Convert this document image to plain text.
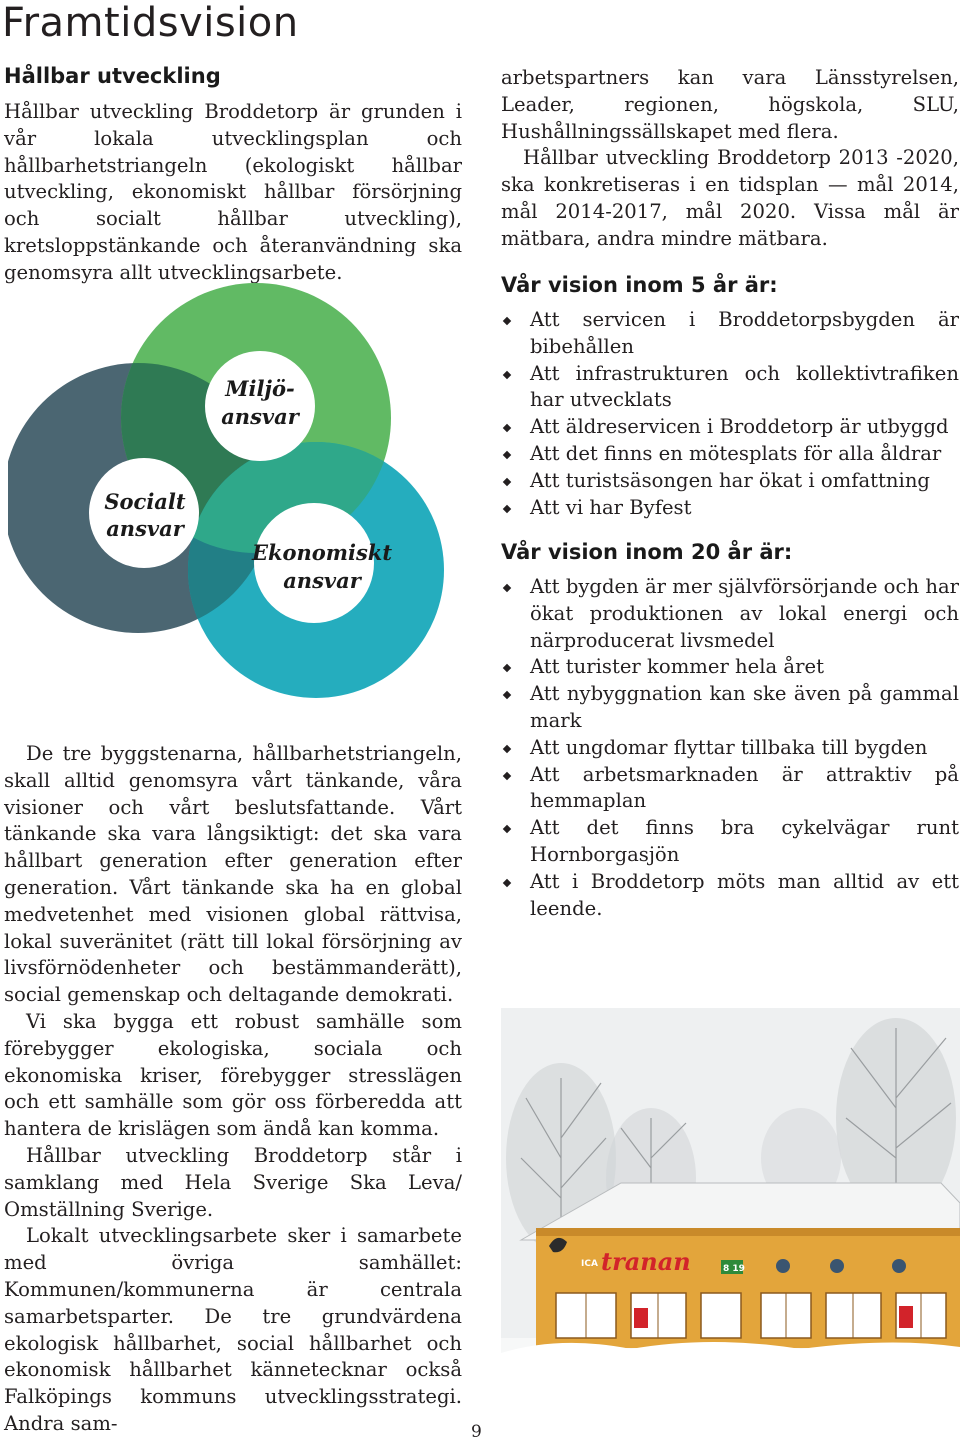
Framtidsvision
Hållbar utveckling

Hållbar utveckling Broddetorp är grunden i vår lokala utvecklingsplan och hållbarhetstriangeln (ekologiskt hållbar utveckling, ekonomiskt hållbar försörjning och socialt hållbar utveckling), kretsloppstänkande och återanvändning ska genomsyra allt utvecklingsarbete.

Miljö-
ansvar
Socialt
ansvar
Ekonomiskt
ansvar

De tre byggstenarna, hållbarhetstriangeln, skall alltid genomsyra vårt tänkande, våra visioner och vårt beslutsfattande. Vårt tänkande ska vara långsiktigt: det ska vara hållbart generation efter generation efter generation. Vårt tänkande ska ha en global medvetenhet med visionen global rättvisa, lokal suveränitet (rätt till lokal försörjning av livsförnödenheter och bestämmanderätt), social gemenskap och deltagande demokrati.

Vi ska bygga ett robust samhälle som förebygger ekologiska, sociala och ekonomiska kriser, förebygger stresslägen och ett samhälle som gör oss förberedda att hantera de krislägen som ändå kan komma.

Hållbar utveckling Broddetorp står i samklang med Hela Sverige Ska Leva/ Omställning Sverige.

Lokalt utvecklingsarbete sker i samarbete med övriga samhället: Kommunen/kommunerna är centrala samarbetsparter. De tre grundvärdena ekologisk hållbarhet, social hållbarhet och ekonomisk hållbarhet kännetecknar också Falköpings kommuns utvecklingsstrategi. Andra sam-

arbetspartners kan vara Länsstyrelsen, Leader, regionen, högskola, SLU, Hushållningssällskapet med flera.

Hållbar utveckling Broddetorp 2013 -2020, ska konkretiseras i en tidsplan — mål 2014, mål 2014-2017, mål 2020. Vissa mål är mätbara, andra mindre mätbara.

Vår vision inom 5 år är:
Att servicen i Broddetorpsbygden är bibehållen
Att infrastrukturen och kollektivtrafiken har utvecklats
Att äldreservicen i Broddetorp är utbyggd
Att det finns en mötesplats för alla åldrar
Att turistsäsongen har ökat i omfattning
Att vi har Byfest
Vår vision inom 20 år är:
Att bygden är mer självförsörjande och har ökat produktionen av lokal energi och närproducerat livsmedel
Att turister kommer hela året
Att nybyggnation kan ske även på gammal mark
Att ungdomar flyttar tillbaka till bygden
Att arbetsmarknaden är attraktiv på hemmaplan
Att det finns bra cykelvägar runt Hornborgasjön
Att i Broddetorp möts man alltid av ett leende.
ICA tranan	8 19
9
